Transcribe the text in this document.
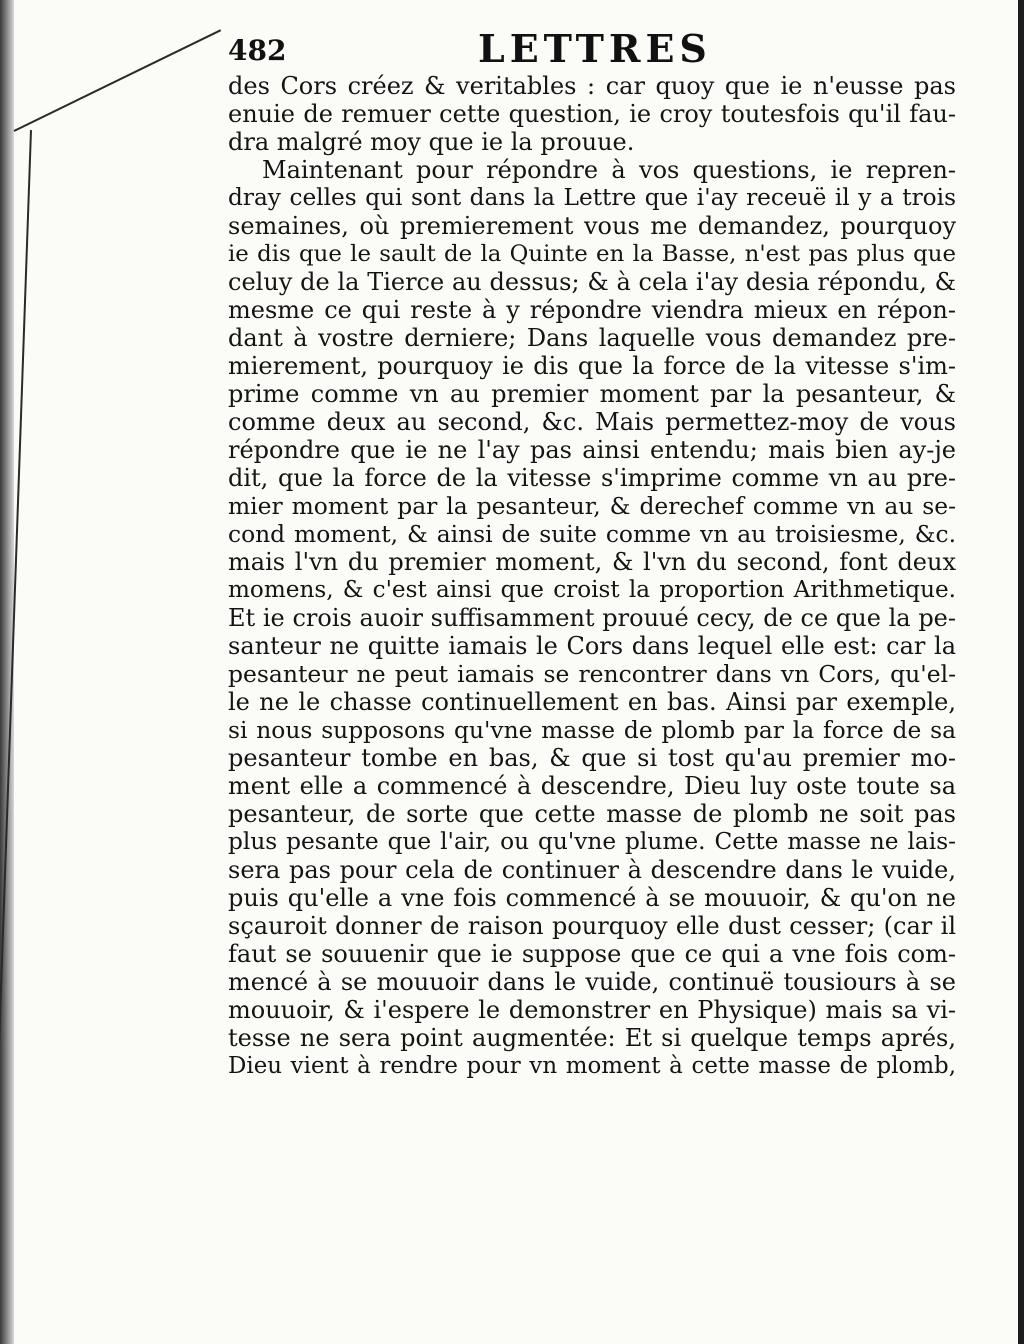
482	LETTRES
des Cors créez & veritables : car quoy que ie n'eusse pas
enuie de remuer cette question, ie croy toutesfois qu'il fau-
dra malgré moy que ie la prouue.
Maintenant pour répondre à vos questions, ie repren-
dray celles qui sont dans la Lettre que i'ay receuë il y a trois
semaines, où premierement vous me demandez, pourquoy
ie dis que le sault de la Quinte en la Basse, n'est pas plus que
celuy de la Tierce au dessus; & à cela i'ay desia répondu, &
mesme ce qui reste à y répondre viendra mieux en répon-
dant à vostre derniere; Dans laquelle vous demandez pre-
mierement, pourquoy ie dis que la force de la vitesse s'im-
prime comme vn au premier moment par la pesanteur, &
comme deux au second, &c. Mais permettez-moy de vous
répondre que ie ne l'ay pas ainsi entendu; mais bien ay-je
dit, que la force de la vitesse s'imprime comme vn au pre-
mier moment par la pesanteur, & derechef comme vn au se-
cond moment, & ainsi de suite comme vn au troisiesme, &c.
mais l'vn du premier moment, & l'vn du second, font deux
momens, & c'est ainsi que croist la proportion Arithmetique.
Et ie crois auoir suffisamment prouué cecy, de ce que la pe-
santeur ne quitte iamais le Cors dans lequel elle est: car la
pesanteur ne peut iamais se rencontrer dans vn Cors, qu'el-
le ne le chasse continuellement en bas. Ainsi par exemple,
si nous supposons qu'vne masse de plomb par la force de sa
pesanteur tombe en bas, & que si tost qu'au premier mo-
ment elle a commencé à descendre, Dieu luy oste toute sa
pesanteur, de sorte que cette masse de plomb ne soit pas
plus pesante que l'air, ou qu'vne plume. Cette masse ne lais-
sera pas pour cela de continuer à descendre dans le vuide,
puis qu'elle a vne fois commencé à se mouuoir, & qu'on ne
sçauroit donner de raison pourquoy elle dust cesser; (car il
faut se souuenir que ie suppose que ce qui a vne fois com-
mencé à se mouuoir dans le vuide, continuë tousiours à se
mouuoir, & i'espere le demonstrer en Physique) mais sa vi-
tesse ne sera point augmentée: Et si quelque temps aprés,
Dieu vient à rendre pour vn moment à cette masse de plomb,
